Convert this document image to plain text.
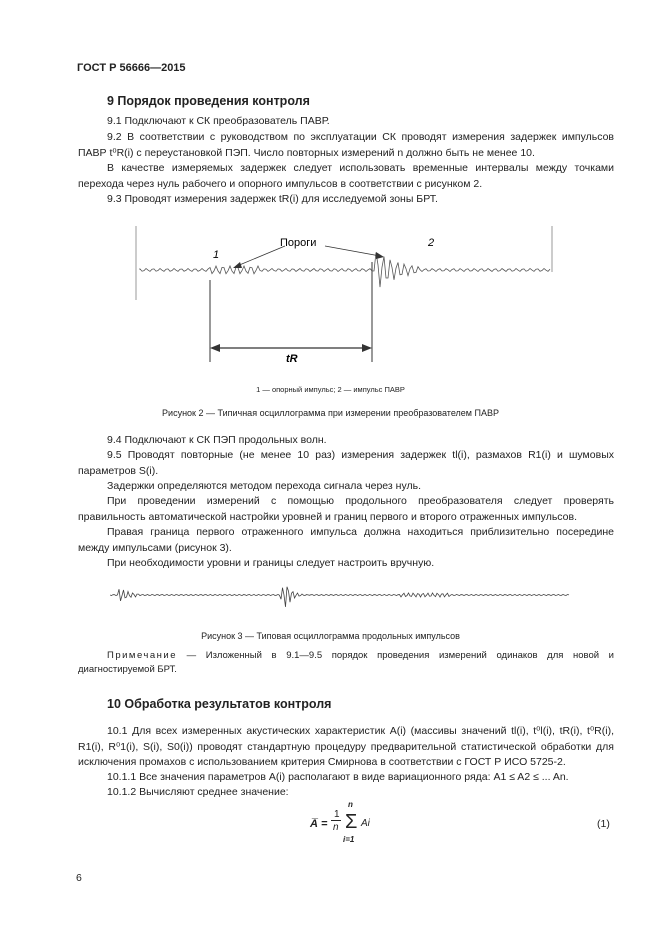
ГОСТ Р 56666—2015
9 Порядок проведения контроля
9.1 Подключают к СК преобразователь ПАВР.
9.2 В соответствии с руководством по эксплуатации СК проводят измерения задержек импульсов ПАВР t⁰R(i) с переустановкой ПЭП. Число повторных измерений n должно быть не менее 10.
В качестве измеряемых задержек следует использовать временные интервалы между точками перехода через нуль рабочего и опорного импульсов в соответствии с рисунком 2.
9.3 Проводят измерения задержек tR(i) для исследуемой зоны БРТ.
1
2
Пороги
tR
1 — опорный импульс; 2 — импульс ПАВР
Рисунок 2 — Типичная осциллограмма при измерении преобразователем ПАВР
9.4 Подключают к СК ПЭП продольных волн.
9.5 Проводят повторные (не менее 10 раз) измерения задержек tl(i), размахов R1(i) и шумовых параметров S(i).
Задержки определяются методом перехода сигнала через нуль.
При проведении измерений с помощью продольного преобразователя следует проверять правильность автоматической настройки уровней и границ первого и второго отраженных импульсов.
Правая граница первого отраженного импульса должна находиться приблизительно посередине между импульсами (рисунок 3).
При необходимости уровни и границы следует настроить вручную.
Рисунок 3 — Типовая осциллограмма продольных импульсов
Примечание — Изложенный в 9.1—9.5 порядок проведения измерений одинаков для новой и диагностируемой БРТ.
10 Обработка результатов контроля
10.1 Для всех измеренных акустических характеристик A(i) (массивы значений tl(i), t⁰l(i), tR(i), t⁰R(i), R1(i), R⁰1(i), S(i), S0(i)) проводят стандартную процедуру предварительной статистической обработки для исключения промахов с использованием критерия Смирнова в соответствии с ГОСТ Р ИСО 5725-2.
10.1.1 Все значения параметров A(i) располагают в виде вариационного ряда: A1 ≤ A2 ≤ ... An.
10.1.2 Вычисляют среднее значение:
A̅ =
1
n Σ
n
i=1
Ai	(1)
6
